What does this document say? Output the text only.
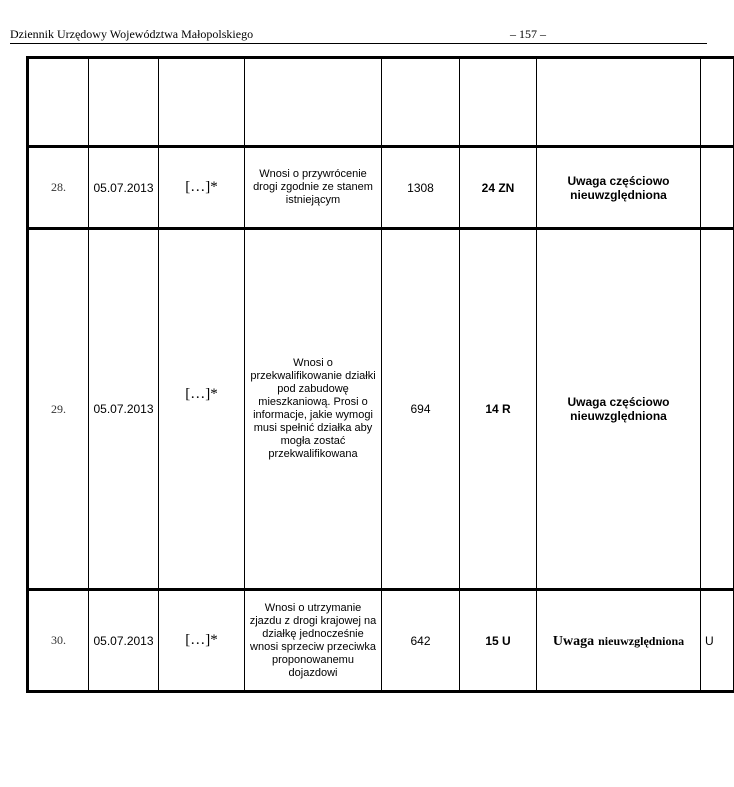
Dziennik Urzędowy Województwa Małopolskiego	– 157 –

28.	05.07.2013	[…]*	Wnosi o przywrócenie drogi zgodnie ze stanem istniejącym	1308	24 ZN	Uwaga częściowo nieuwzględniona	
29.	05.07.2013	[…]*	Wnosi o przekwalifikowanie działki pod zabudowę mieszkaniową. Prosi o informacje, jakie wymogi musi spełnić działka aby mogła zostać przekwalifikowana	694	14 R	Uwaga częściowo nieuwzględniona	
30.	05.07.2013	[…]*	Wnosi o utrzymanie zjazdu z drogi krajowej na działkę jednocześnie wnosi sprzeciw przeciwka proponowanemu dojazdowi	642	15 U	Uwaga nieuwzględniona	U
